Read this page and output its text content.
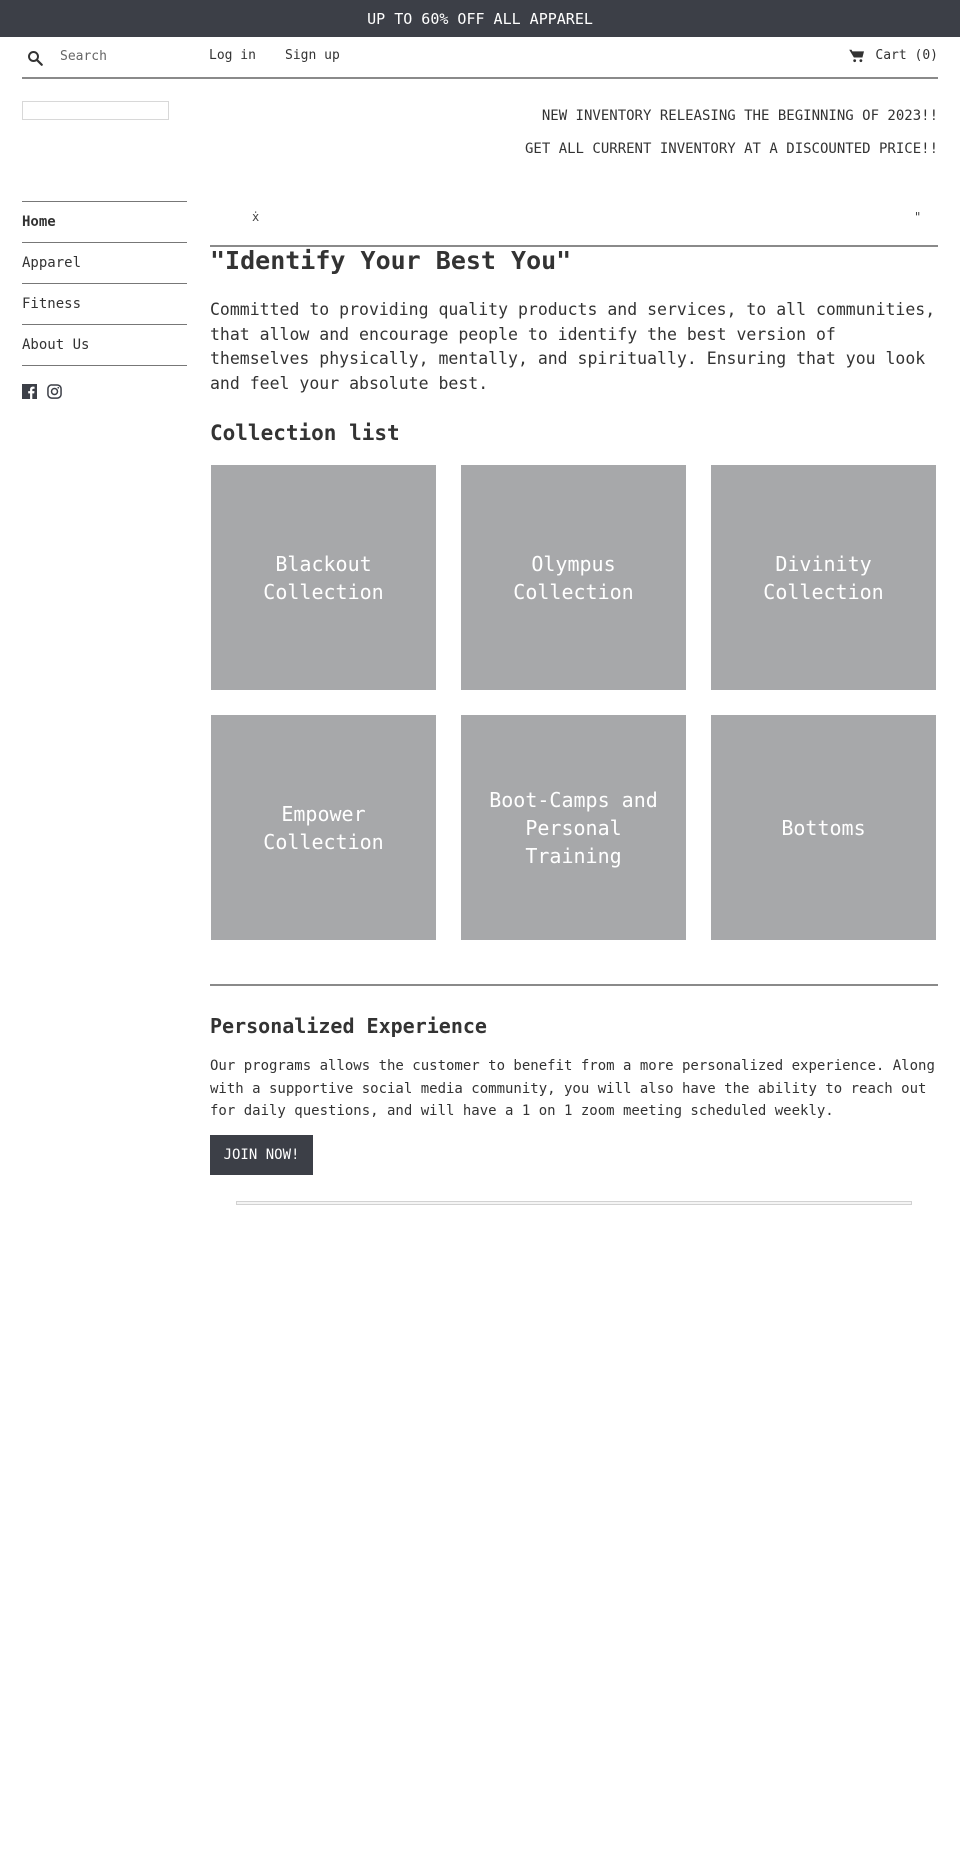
UP TO 60% OFF ALL APPAREL
Search
Log in Sign up	Cart (0)
NEW INVENTORY RELEASING THE BEGINNING OF 2023!!
GET ALL CURRENT INVENTORY AT A DISCOUNTED PRICE!!
Home
Apparel
Fitness
About Us
ẋ	"
"Identify Your Best You"

Committed to providing quality products and services, to all communities, that allow and encourage people to identify the best version of themselves physically, mentally, and spiritually. Ensuring that you look and feel your absolute best.

Collection list
Blackout Collection
Olympus Collection
Divinity Collection
Empower Collection
Boot-Camps and Personal Training
Bottoms
Personalized Experience

Our programs allows the customer to benefit from a more personalized experience. Along with a supportive social media community, you will also have the ability to reach out for daily questions, and will have a 1 on 1 zoom meeting scheduled weekly.

JOIN NOW!
